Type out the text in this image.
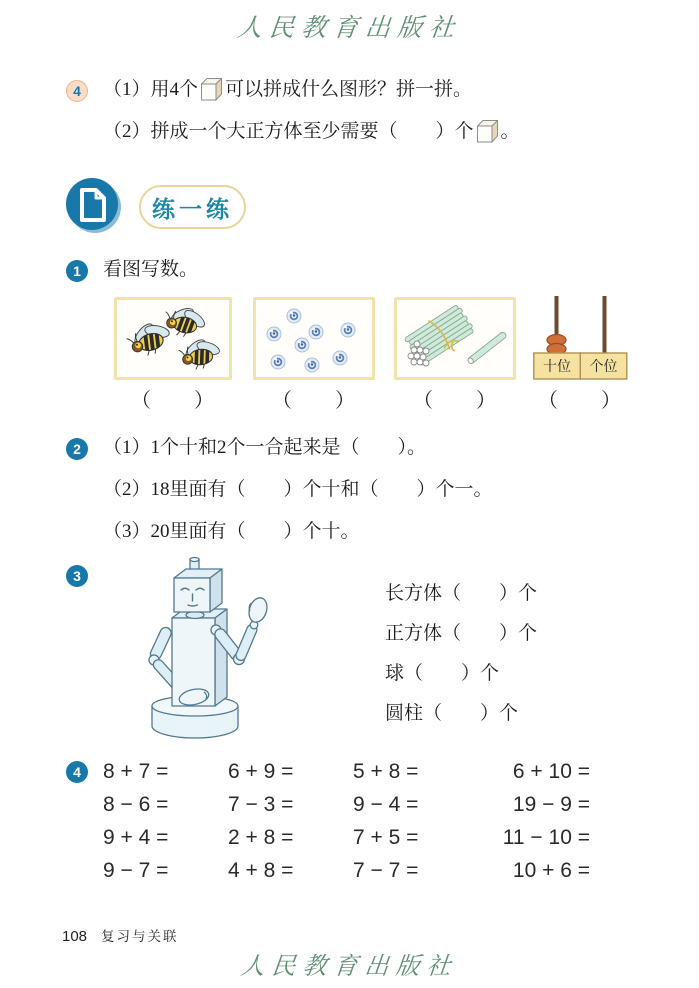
人民教育出版社
4	（1）用4个 可以拼成什么图形？拼一拼。
（2）拼成一个大正方体至少需要（　　）个 。
练一练
1	看图写数。
十位 个位
（　　）	（　　）	（　　） （　　）
2	（1）1个十和2个一合起来是（　　）。
（2）18里面有（　　）个十和（　　）个一。
（3）20里面有（　　）个十。
3
长方体（　　）个
正方体（　　）个
球（　　）个
圆柱（　　）个
4	8 + 7 =	6 + 9 =	5 + 8 =	6 + 10 =
8 − 6 =	7 − 3 =	9 − 4 =	19 − 9 =
9 + 4 =	2 + 8 =	7 + 5 =	11 − 10 =
9 − 7 =	4 + 8 =	7 − 7 =	10 + 6 =
108 复习与关联
人民教育出版社
